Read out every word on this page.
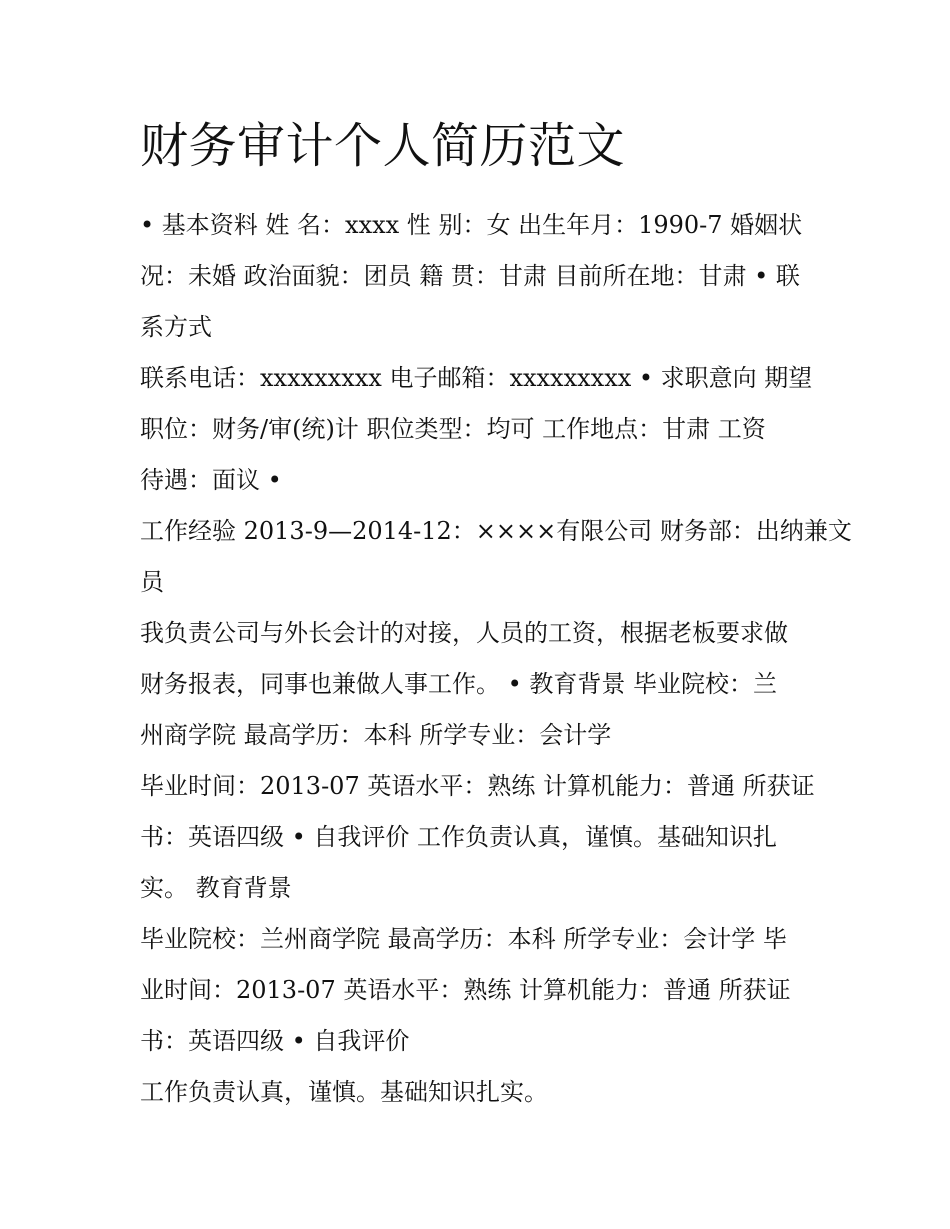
财务审计个人简历范文
• 基本资料 姓 名：xxxx 性 别：女 出生年月：1990-7 婚姻状
况：未婚 政治面貌：团员 籍 贯：甘肃 目前所在地：甘肃 • 联
系方式
联系电话：xxxxxxxxx 电子邮箱：xxxxxxxxx • 求职意向 期望
职位：财务/审(统)计 职位类型：均可 工作地点：甘肃 工资
待遇：面议 •
工作经验 2013-9—2014-12：××××有限公司 财务部：出纳兼文
员
我负责公司与外长会计的对接，人员的工资，根据老板要求做
财务报表，同事也兼做人事工作。 • 教育背景 毕业院校：兰
州商学院 最高学历：本科 所学专业：会计学
毕业时间：2013-07 英语水平：熟练 计算机能力：普通 所获证
书：英语四级 • 自我评价 工作负责认真，谨慎。基础知识扎
实。 教育背景
毕业院校：兰州商学院 最高学历：本科 所学专业：会计学 毕
业时间：2013-07 英语水平：熟练 计算机能力：普通 所获证
书：英语四级 • 自我评价
工作负责认真，谨慎。基础知识扎实。
